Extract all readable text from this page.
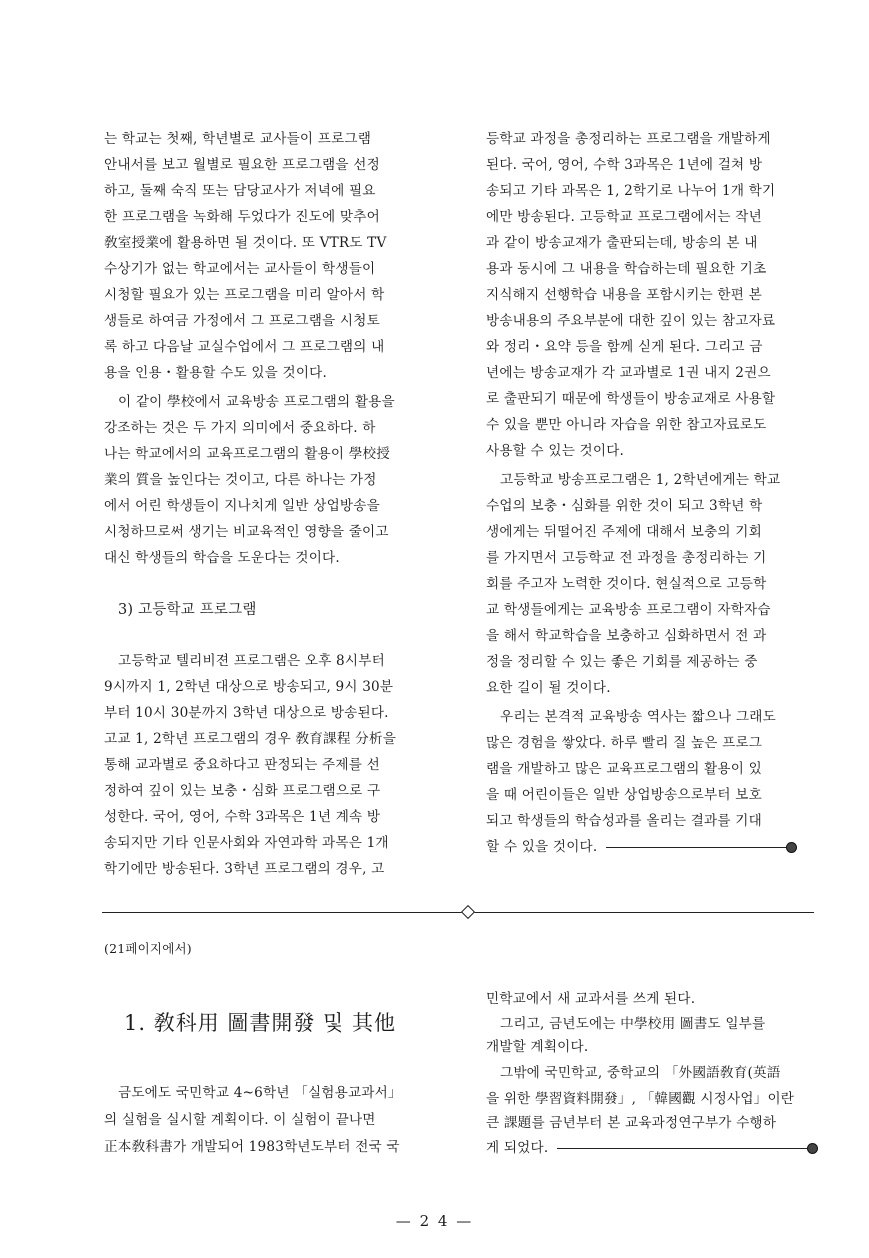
는 학교는 첫째, 학년별로 교사들이 프로그램
안내서를 보고 월별로 필요한 프로그램을 선정
하고, 둘째 숙직 또는 담당교사가 저녁에 필요
한 프로그램을 녹화해 두었다가 진도에 맞추어
敎室授業에 활용하면 될 것이다. 또 VTR도 TV
수상기가 없는 학교에서는 교사들이 학생들이
시청할 필요가 있는 프로그램을 미리 알아서 학
생들로 하여금 가정에서 그 프로그램을 시청토
록 하고 다음날 교실수업에서 그 프로그램의 내
용을 인용・활용할 수도 있을 것이다.
이 같이 學校에서 교육방송 프로그램의 활용을
강조하는 것은 두 가지 의미에서 중요하다. 하
나는 학교에서의 교육프로그램의 활용이 學校授
業의 質을 높인다는 것이고, 다른 하나는 가정
에서 어린 학생들이 지나치게 일반 상업방송을
시청하므로써 생기는 비교육적인 영향을 줄이고
대신 학생들의 학습을 도운다는 것이다.
3) 고등학교 프로그램
고등학교 텔리비젼 프로그램은 오후 8시부터
9시까지 1, 2학년 대상으로 방송되고, 9시 30분
부터 10시 30분까지 3학년 대상으로 방송된다.
고교 1, 2학년 프로그램의 경우 敎育課程 分析을
통해 교과별로 중요하다고 판정되는 주제를 선
정하여 깊이 있는 보충・심화 프로그램으로 구
성한다. 국어, 영어, 수학 3과목은 1년 계속 방
송되지만 기타 인문사회와 자연과학 과목은 1개
학기에만 방송된다. 3학년 프로그램의 경우, 고
등학교 과정을 총정리하는 프로그램을 개발하게
된다. 국어, 영어, 수학 3과목은 1년에 걸쳐 방
송되고 기타 과목은 1, 2학기로 나누어 1개 학기
에만 방송된다. 고등학교 프로그램에서는 작년
과 같이 방송교재가 출판되는데, 방송의 본 내
용과 동시에 그 내용을 학습하는데 필요한 기초
지식해지 선행학습 내용을 포함시키는 한편 본
방송내용의 주요부분에 대한 깊이 있는 참고자료
와 정리・요약 등을 함께 싣게 된다. 그리고 금
년에는 방송교재가 각 교과별로 1권 내지 2권으
로 출판되기 때문에 학생들이 방송교재로 사용할
수 있을 뿐만 아니라 자습을 위한 참고자료로도
사용할 수 있는 것이다.
고등학교 방송프로그램은 1, 2학년에게는 학교
수업의 보충・심화를 위한 것이 되고 3학년 학
생에게는 뒤떨어진 주제에 대해서 보충의 기회
를 가지면서 고등학교 전 과정을 총정리하는 기
회를 주고자 노력한 것이다. 현실적으로 고등학
교 학생들에게는 교육방송 프로그램이 자학자습
을 해서 학교학습을 보충하고 심화하면서 전 과
정을 정리할 수 있는 좋은 기회를 제공하는 중
요한 길이 될 것이다.
우리는 본격적 교육방송 역사는 짧으나 그래도
많은 경험을 쌓았다. 하루 빨리 질 높은 프로그
램을 개발하고 많은 교육프로그램의 활용이 있
을 때 어린이들은 일반 상업방송으로부터 보호
되고 학생들의 학습성과를 올리는 결과를 기대
할 수 있을 것이다.
(21페이지에서)
1. 敎科用 圖書開發 및 其他
금도에도 국민학교 4~6학년 「실험용교과서」
의 실험을 실시할 계획이다. 이 실험이 끝나면
正本敎科書가 개발되어 1983학년도부터 전국 국
민학교에서 새 교과서를 쓰게 된다.
그리고, 금년도에는 中學校用 圖書도 일부를
개발할 계획이다.
그밖에 국민학교, 중학교의 「外國語敎育(英語
을 위한 學習資料開發」, 「韓國觀 시정사업」이란
큰 課題를 금년부터 본 교육과정연구부가 수행하
게 되었다.
— 2 4 —
